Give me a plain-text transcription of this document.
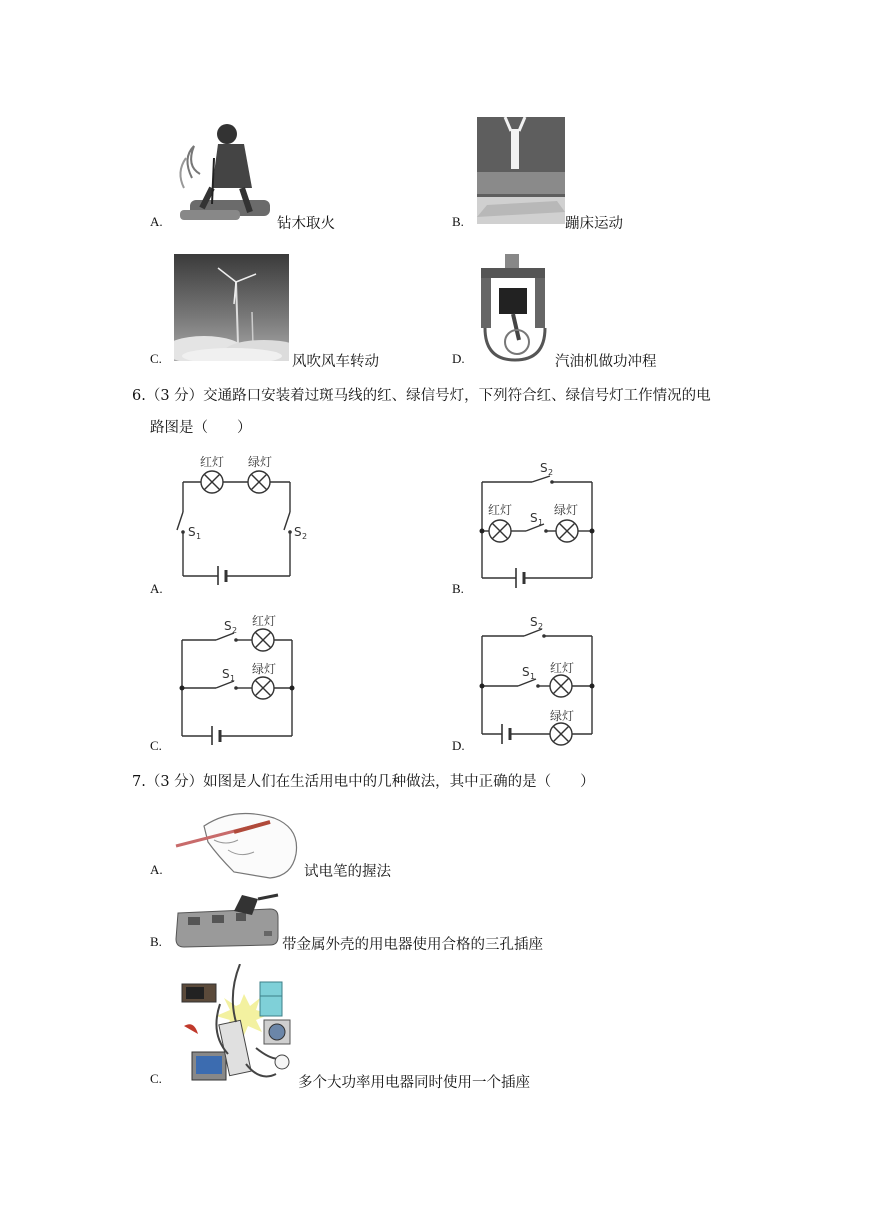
A.	钻木取火	B.	蹦床运动
C.	风吹风车转动	D.	汽油机做功冲程
6.（3 分）交通路口安装着过斑马线的红、绿信号灯，下列符合红、绿信号灯工作情况的电
路图是（　　）
A.
红灯 绿灯
S 1	S 2
B.
S 2
红灯	绿灯
S 1
C.
S 2
红灯
S 1
绿灯
D.
S 2
S 1
红灯
绿灯
7.（3 分）如图是人们在生活用电中的几种做法，其中正确的是（　　）
A.	试电笔的握法
B.	带金属外壳的用电器使用合格的三孔插座
C.	多个大功率用电器同时使用一个插座
